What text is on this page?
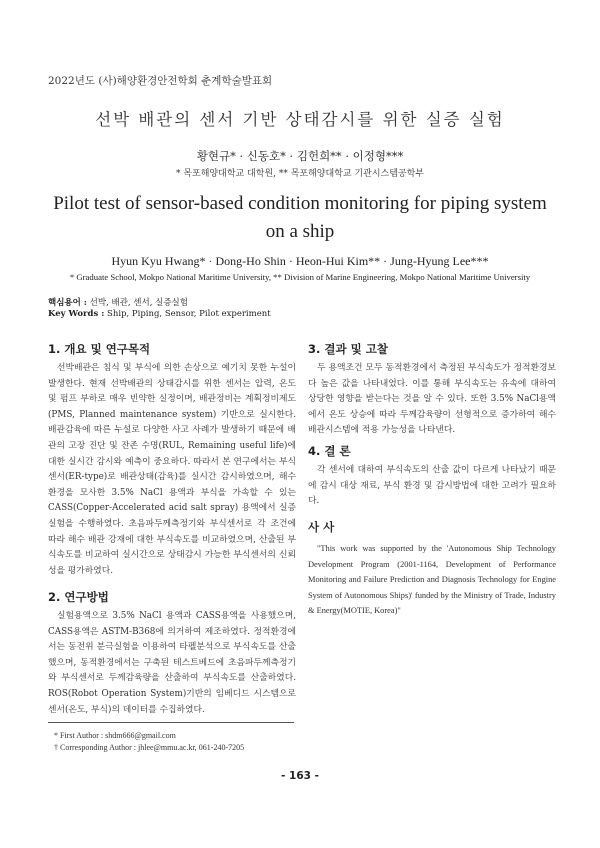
2022년도 (사)해양환경안전학회 춘계학술발표회
선박 배관의 센서 기반 상태감시를 위한 실증 실험
황현규* · 신동호* · 김헌희** · 이정형***
* 목포해양대학교 대학원, ** 목포해양대학교 기관시스템공학부
Pilot test of sensor-based condition monitoring for piping system
on a ship
Hyun Kyu Hwang* · Dong-Ho Shin · Heon-Hui Kim** · Jung-Hyung Lee***
* Graduate School, Mokpo National Maritime University, ** Division of Marine Engineering, Mokpo National Maritime University
핵심용어 : 선박, 배관, 센서, 실증실험
Key Words : Ship, Piping, Sensor, Pilot experiment
1. 개요 및 연구목적

선박배관은 침식 및 부식에 의한 손상으로 예기치 못한 누설이 발생한다. 현재 선박배관의 상태감시를 위한 센서는 압력, 온도 및 펌프 부하로 매우 빈약한 실정이며, 배관정비는 계획정비제도(PMS, Planned maintenance system) 기반으로 실시한다. 배관감육에 따른 누설로 다양한 사고 사례가 발생하기 때문에 배관의 고장 진단 및 잔존 수명(RUL, Remaining useful life)에 대한 실시간 감시와 예측이 중요하다. 따라서 본 연구에서는 부식센서(ER-type)로 배관상태(감육)를 실시간 감시하였으며, 해수환경을 모사한 3.5% NaCl 용액과 부식을 가속할 수 있는 CASS(Copper-Accelerated acid salt spray) 용액에서 실증 실험을 수행하였다. 초음파두께측정기와 부식센서로 각 조건에 따라 해수 배관 강재에 대한 부식속도를 비교하였으며, 산출된 부식속도를 비교하여 실시간으로 상태감시 가능한 부식센서의 신뢰성을 평가하였다.

2. 연구방법

실험용액으로 3.5% NaCl 용액과 CASS용액을 사용했으며, CASS용액은 ASTM-B368에 의거하여 제조하였다. 정적환경에서는 동전위 분극실험을 이용하여 타펠분석으로 부식속도를 산출했으며, 동적환경에서는 구축된 테스트베드에 초음파두께측정기와 부식센서로 두께감육량을 산출하여 부식속도를 산출하였다. ROS(Robot Operation System)기반의 임베디드 시스템으로 센서(온도, 부식)의 데이터를 수집하였다.

3. 결과 및 고찰

두 용액조건 모두 동적환경에서 측정된 부식속도가 정적환경보다 높은 값을 나타내었다. 이를 통해 부식속도는 유속에 대하여 상당한 영향을 받는다는 것을 알 수 있다. 또한 3.5% NaCl용액에서 온도 상승에 따라 두께감육량이 선형적으로 증가하여 해수 배관시스템에 적용 가능성을 나타낸다.

4. 결 론

각 센서에 대하여 부식속도의 산출 값이 다르게 나타났기 때문에 감시 대상 재료, 부식 환경 및 감시방법에 대한 고려가 필요하다.

사 사

"This work was supported by the 'Autonomous Ship Technology Development Program (2001-1164, Development of Performance Monitoring and Failure Prediction and Diagnosis Technology for Engine System of Autonomous Ships)' funded by the Ministry of Trade, Industry & Energy(MOTIE, Korea)"

* First Author : shdm666@gmail.com
† Corresponding Author : jhlee@mmu.ac.kr, 061-240-7205
- 163 -
